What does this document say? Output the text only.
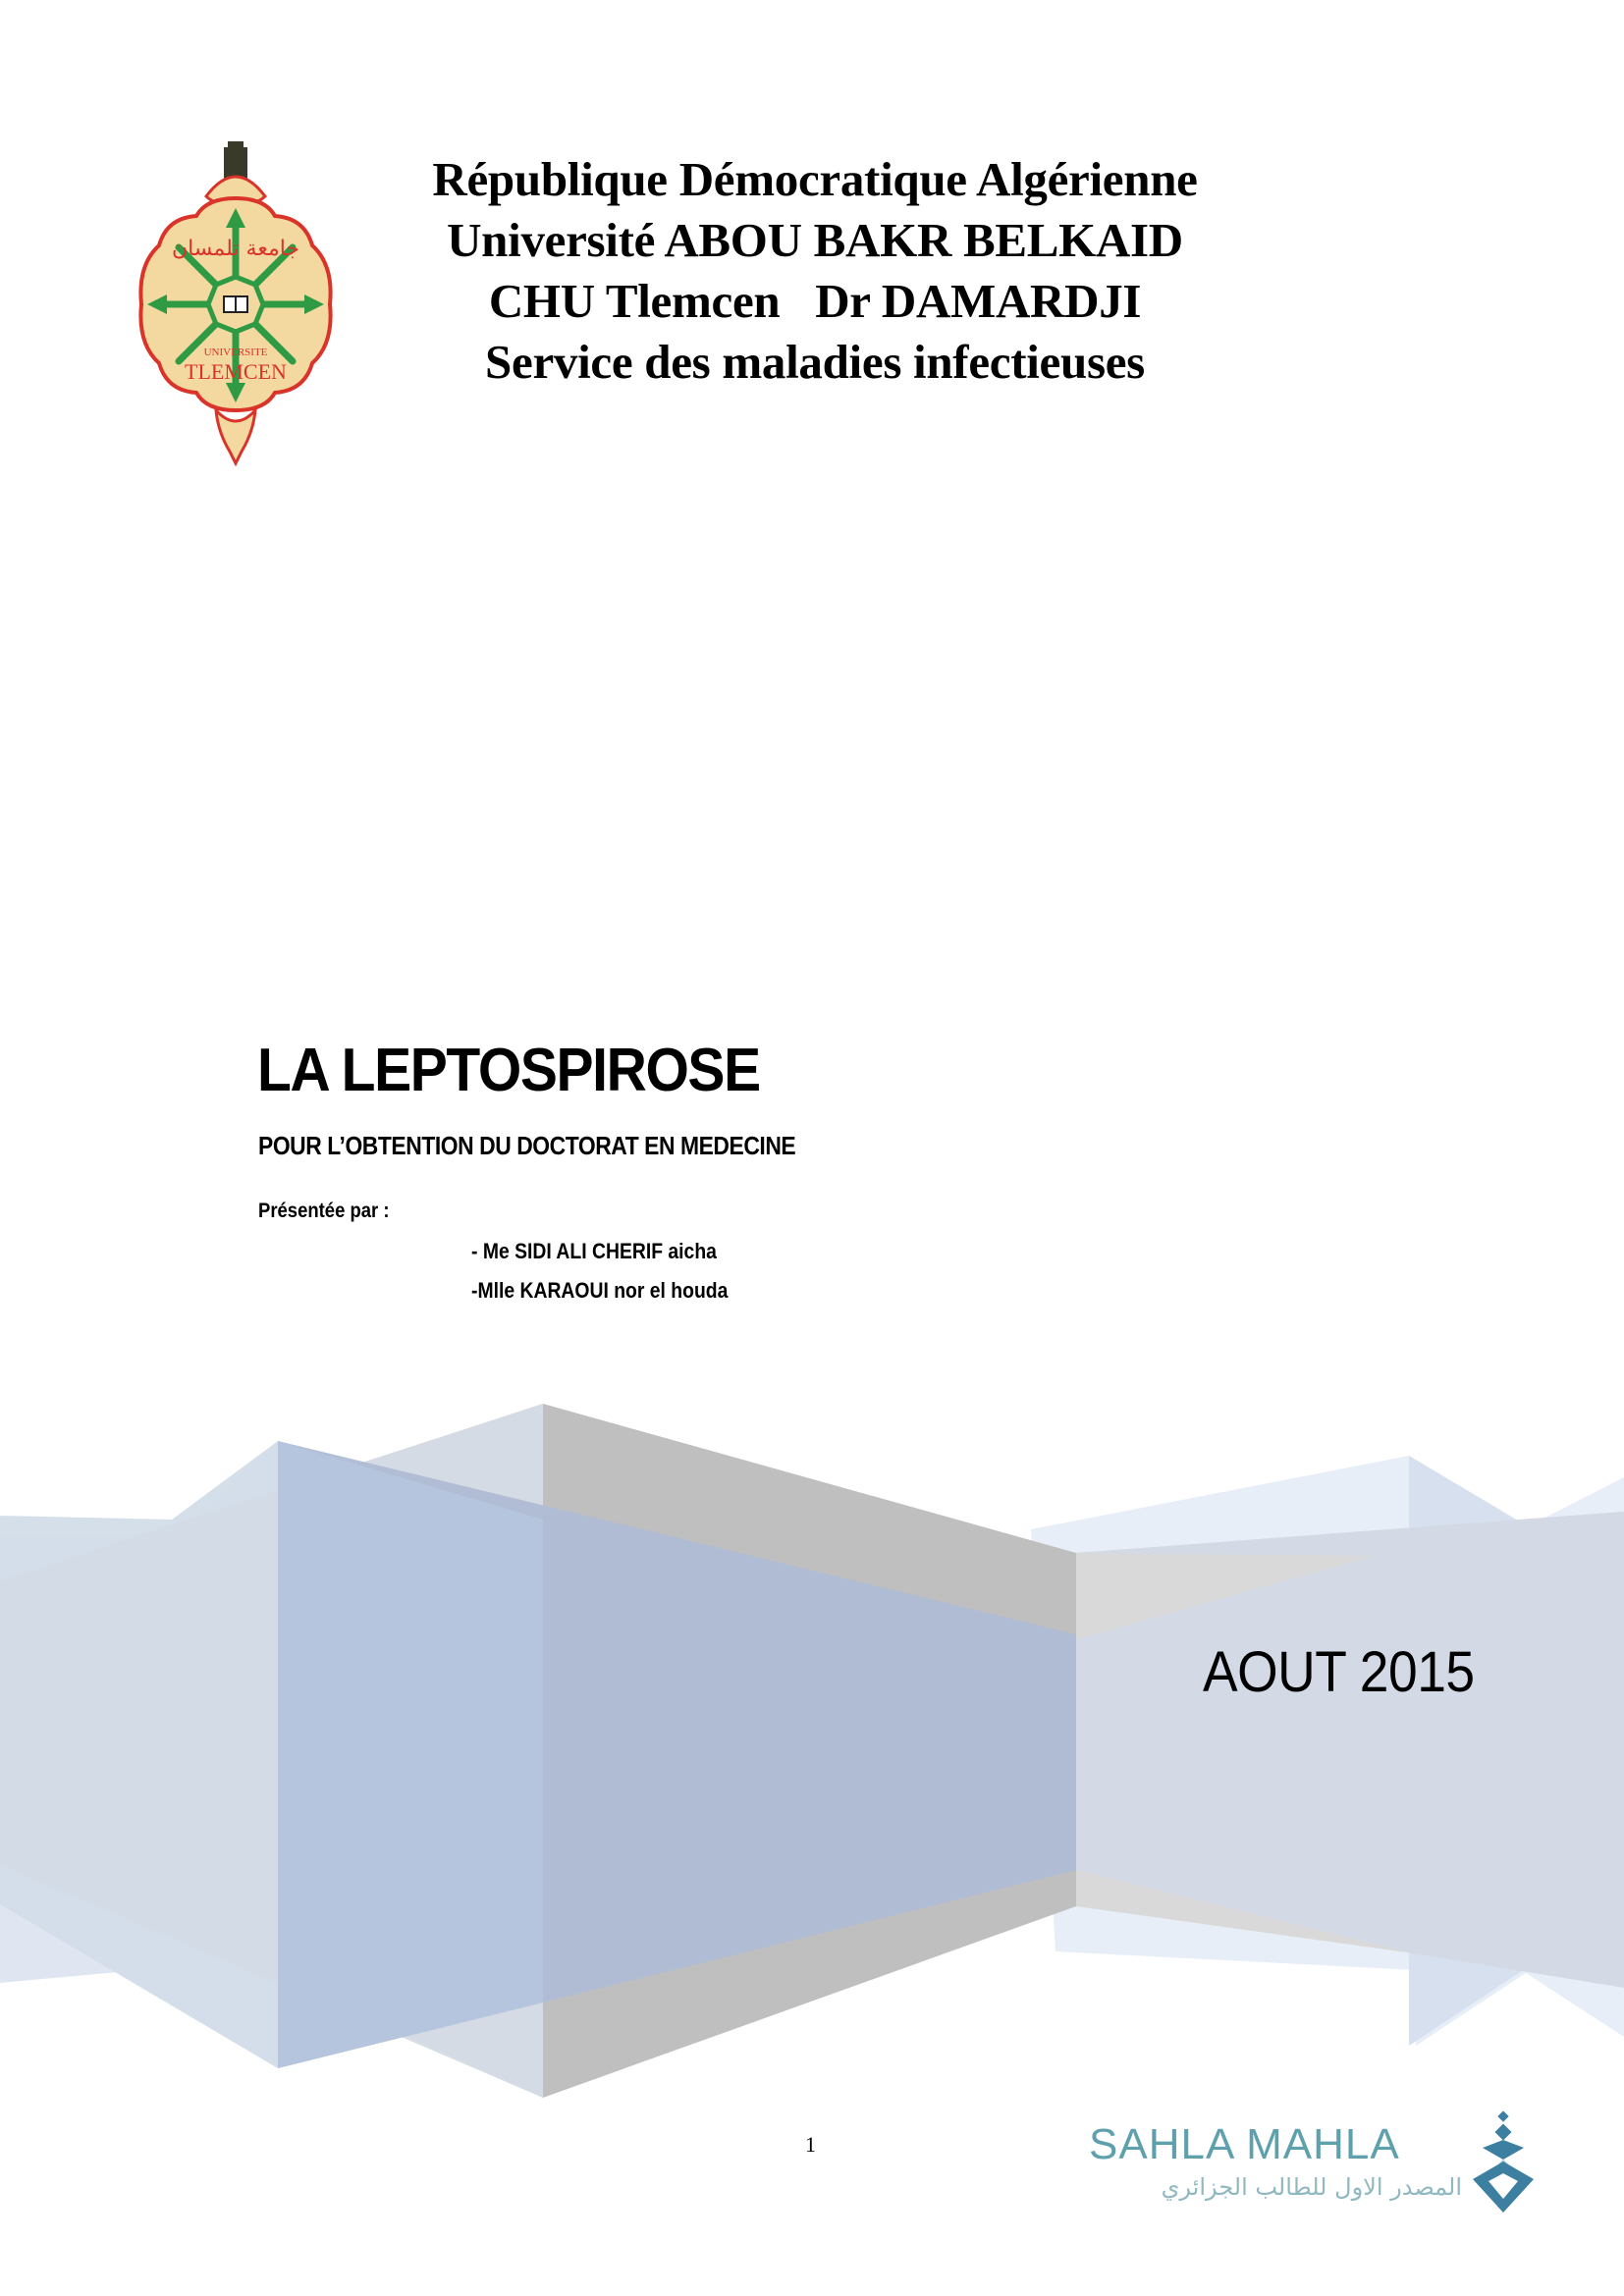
جامعة تلمسان
UNIVERSITE
TLEMCEN
République Démocratique Algérienne
Université ABOU BAKR BELKAID
CHU Tlemcen   Dr DAMARDJI
Service des maladies infectieuses
LA LEPTOSPIROSE
POUR L’OBTENTION DU DOCTORAT EN MEDECINE
Présentée par :
- Me SIDI ALI CHERIF aicha
-Mlle KARAOUI nor el houda
AOUT 2015
1	SAHLA MAHLA
المصدر الاول للطالب الجزائري
